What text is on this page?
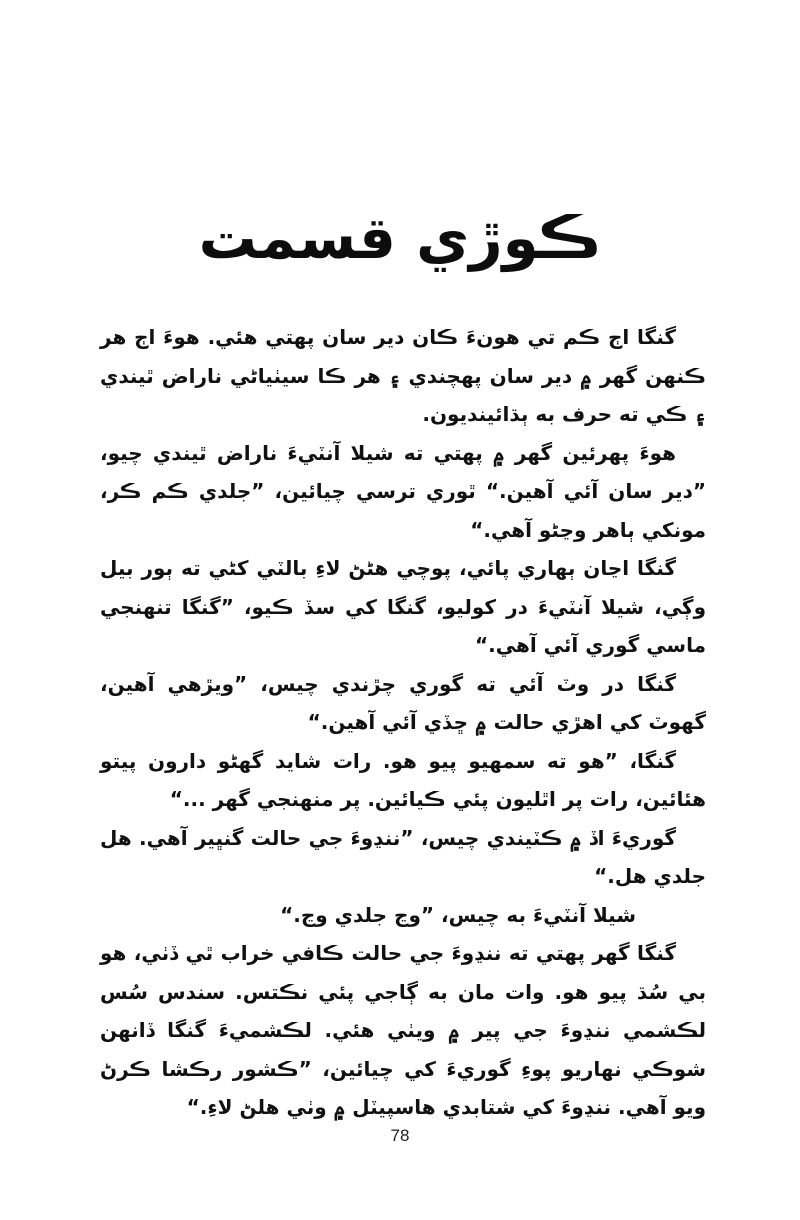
ڪوڙي قسمت

گنگا اڄ ڪم تي هونءَ ڪان دير سان پهتي هئي. هوءَ اڄ هر ڪنهن گهر ۾ دير سان پهچندي ۽ هر ڪا سيٺياڻي ناراض ٿيندي ۽ ڪي ته حرف به ٻڌائينديون.

هوءَ پهرئين گهر ۾ پهتي ته شيلا آنٽيءَ ناراض ٿيندي چيو، ”دير سان آئي آهين.“ ٿوري ترسي چيائين، ”جلدي ڪم ڪر، مونکي ٻاهر وڃڻو آهي.“

گنگا اڃان ٻهاري پائي، پوچي هڻڻ لاءِ بالٽي کڻي ته ٻور بيل وڳي، شيلا آنٽيءَ در کوليو، گنگا کي سڏ ڪيو، ”گنگا تنهنجي ماسي گوري آئي آهي.“

گنگا در وٽ آئي ته گوري چڙندي چيس، ”ويڙهي آهين، گهوٽ کي اهڙي حالت ۾ ڇڏي آئي آهين.“

گنگا، ”هو ته سمهيو پيو هو. رات شايد گهڻو دارون پيتو هئائين، رات پر اٿليون پئي ڪيائين. پر منهنجي گهر ...“

گوريءَ اڏ ۾ ڪٽيندي چيس، ”ننڍوءَ جي حالت گنڀير آهي. هل جلدي هل.“

شيلا آنٽيءَ به چيس، ”وڃ جلدي وڃ.“

گنگا گهر پهتي ته ننڍوءَ جي حالت ڪافي خراب ٿي ڏٺي، هو بي سُڌ پيو هو. وات مان به ڳاجي پئي نڪتس. سندس سُس لڪشمي ننڍوءَ جي پير ۾ ويٺي هئي. لڪشميءَ گنگا ڏانهن شوڪي نهاريو پوءِ گوريءَ کي چيائين، ”ڪشور رڪشا ڪرڻ ويو آهي. ننڍوءَ کي شتابدي هاسپيٽل ۾ وٺي هلڻ لاءِ.“

78
